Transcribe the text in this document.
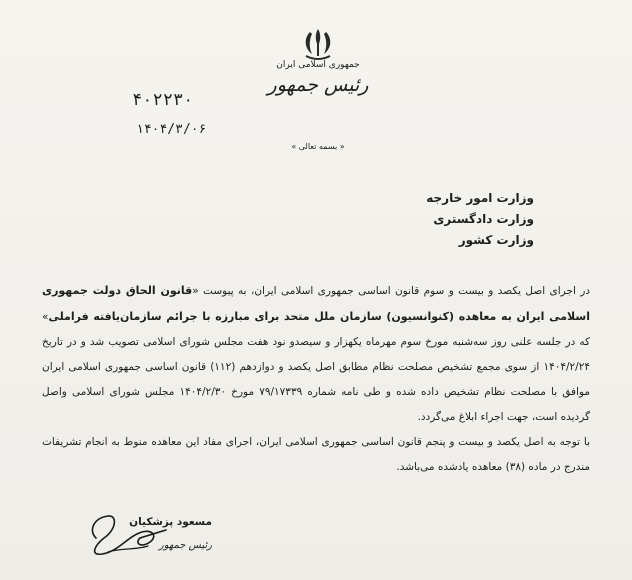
جمهوری اسلامی ایران
رئیس جمهور
۴۰۲۲۳۰
۱۴۰۴/۳/۰۶
« بسمه تعالی »
وزارت امور خارجه
وزارت دادگستری
وزارت کشور

در اجرای اصل یکصد و بیست و سوم قانون اساسی جمهوری اسلامی ایران، به پیوست «قانون الحاق دولت جمهوری اسلامی ایران به معاهده (کنوانسیون) سازمان ملل متحد برای مبارزه با جرائم سازمان‌یافته فراملی» که در جلسه علنی روز سه‌شنبه مورخ سوم مهرماه یکهزار و سیصدو نود هفت مجلس شورای اسلامی تصویب شد و در تاریخ ۱۴۰۴/۲/۲۴ از سوی مجمع تشخیص مصلحت نظام مطابق اصل یکصد و دوازدهم (۱۱۲) قانون اساسی جمهوری اسلامی ایران موافق با مصلحت نظام تشخیص داده شده و طی نامه شماره ۷۹/۱۷۳۳۹ مورخ ۱۴۰۴/۲/۳۰ مجلس شورای اسلامی واصل گردیده است، جهت اجراء ابلاغ می‌گردد.

با توجه به اصل یکصد و بیست و پنجم قانون اساسی جمهوری اسلامی ایران، اجرای مفاد این معاهده منوط به انجام تشریفات مندرج در ماده (۳۸) معاهده یادشده می‌باشد.

مسعود پزشکیان
رئیس جمهور
